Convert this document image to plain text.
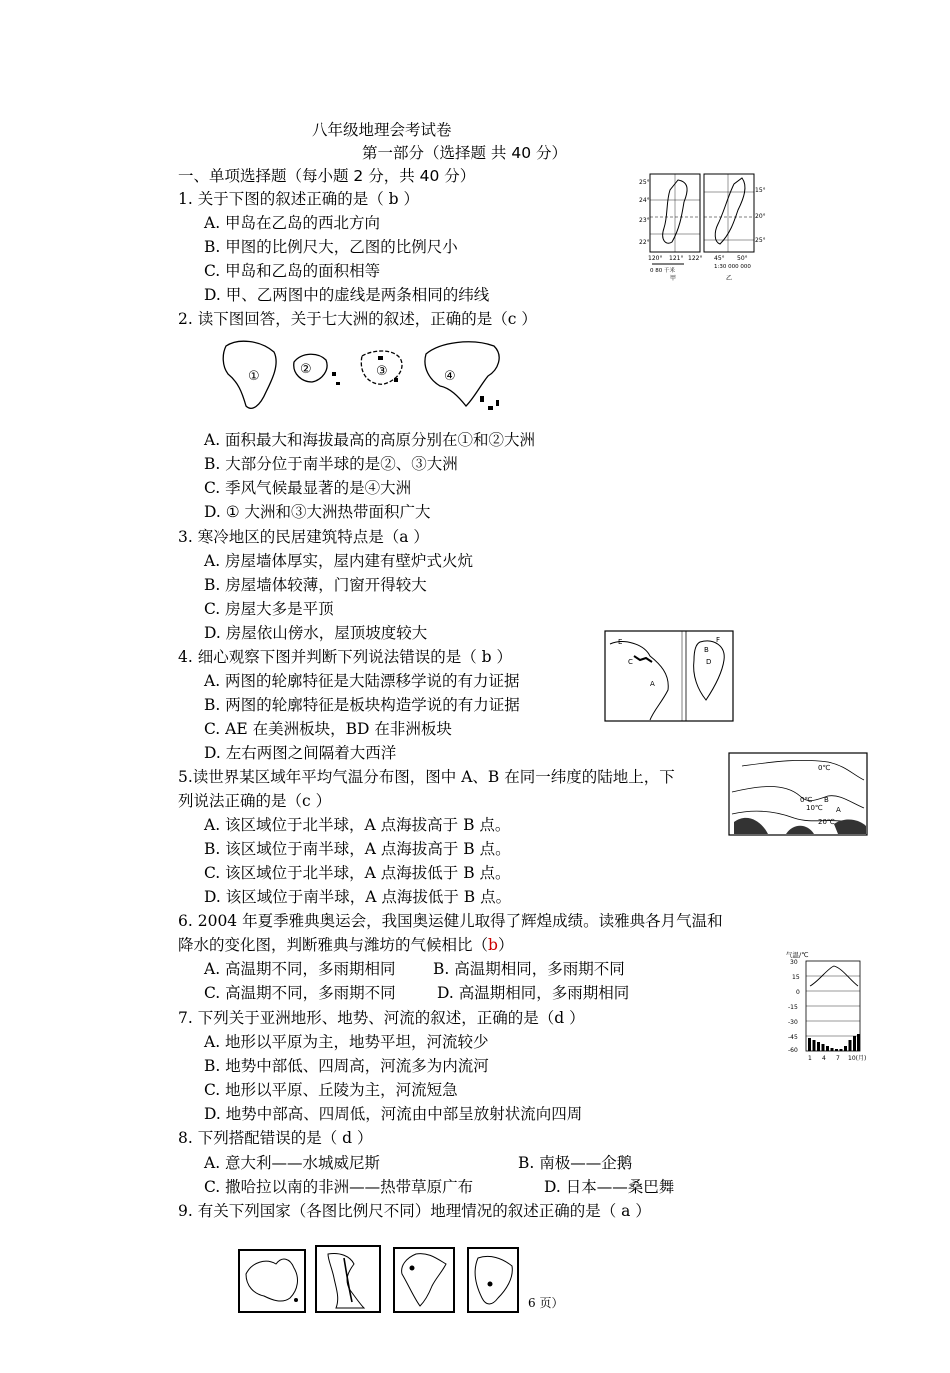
八年级地理会考试卷
第一部分（选择题 共 40 分）
一、单项选择题（每小题 2 分，共 40 分）
1. 关于下图的叙述正确的是（ b ）
A. 甲岛在乙岛的西北方向
B. 甲图的比例尺大，乙图的比例尺小
C. 甲岛和乙岛的面积相等
D. 甲、乙两图中的虚线是两条相同的纬线
2. 读下图回答，关于七大洲的叙述，正确的是（c ）
A. 面积最大和海拔最高的高原分别在①和②大洲
B. 大部分位于南半球的是②、③大洲
C. 季风气候最显著的是④大洲
D. ① 大洲和③大洲热带面积广大
3. 寒冷地区的民居建筑特点是（a ）
A. 房屋墙体厚实，屋内建有壁炉式火炕
B. 房屋墙体较薄，门窗开得较大
C. 房屋大多是平顶
D. 房屋依山傍水，屋顶坡度较大
4. 细心观察下图并判断下列说法错误的是（ b ）
A. 两图的轮廓特征是大陆漂移学说的有力证据
B. 两图的轮廓特征是板块构造学说的有力证据
C. AE 在美洲板块，BD 在非洲板块
D. 左右两图之间隔着大西洋
5.读世界某区域年平均气温分布图，图中 A、B 在同一纬度的陆地上，下
列说法正确的是（c ）
A. 该区域位于北半球，A 点海拔高于 B 点。
B. 该区域位于南半球，A 点海拔高于 B 点。
C. 该区域位于北半球，A 点海拔低于 B 点。
D. 该区域位于南半球，A 点海拔低于 B 点。
6. 2004 年夏季雅典奥运会，我国奥运健儿取得了辉煌成绩。读雅典各月气温和
降水的变化图，判断雅典与潍坊的气候相比（b）
A. 高温期不同，多雨期相同 B. 高温期相同，多雨期不同
C. 高温期不同，多雨期不同	D. 高温期相同，多雨期相同
7. 下列关于亚洲地形、地势、河流的叙述，正确的是（d ）
A. 地形以平原为主，地势平坦，河流较少
B. 地势中部低、四周高，河流多为内流河
C. 地形以平原、丘陵为主，河流短急
D. 地势中部高、四周低，河流由中部呈放射状流向四周
8. 下列搭配错误的是（ d ）
A. 意大利——水城威尼斯	B. 南极——企鹅
C. 撒哈拉以南的非洲——热带草原广布	D. 日本——桑巴舞
9. 有关下列国家（各图比例尺不同）地理情况的叙述正确的是（ a ）
6 页）
25°
24°
23°
22°
120° 121° 122°
0 80 千米
甲
15°
20°
25°
45° 50°
1:30 000 000
乙
①	②	③	④
E
C
A
F
B
D
0℃
0℃
10℃
20℃
B
A
气温/℃
30
15
0
-15
-30
-45
-60
1 4 7 10(月)
